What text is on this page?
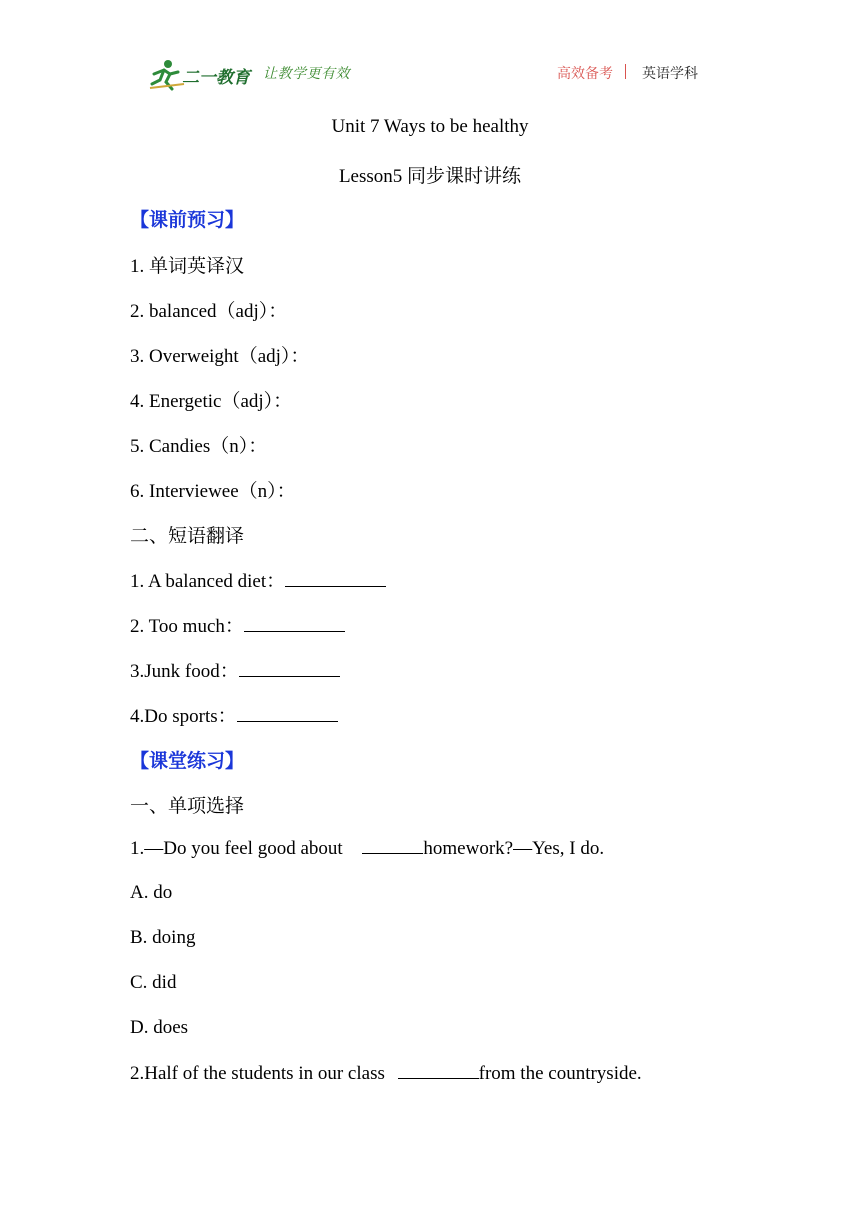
二一教育 让教学更有效	高效备考 英语学科
Unit 7 Ways to be healthy
Lesson5 同步课时讲练
【课前预习】
1. 单词英译汉
2. balanced（adj）：
3. Overweight（adj）：
4. Energetic（adj）：
5. Candies（n）：
6. Interviewee（n）：
二、短语翻译
1. A balanced diet：
2. Too much：
3.Junk food：
4.Do sports：
【课堂练习】
一、单项选择
1.—Do you feel good about	homework?—Yes, I do.
A. do
B. doing
C. did
D. does
2.Half of the students in our class	from the countryside.
